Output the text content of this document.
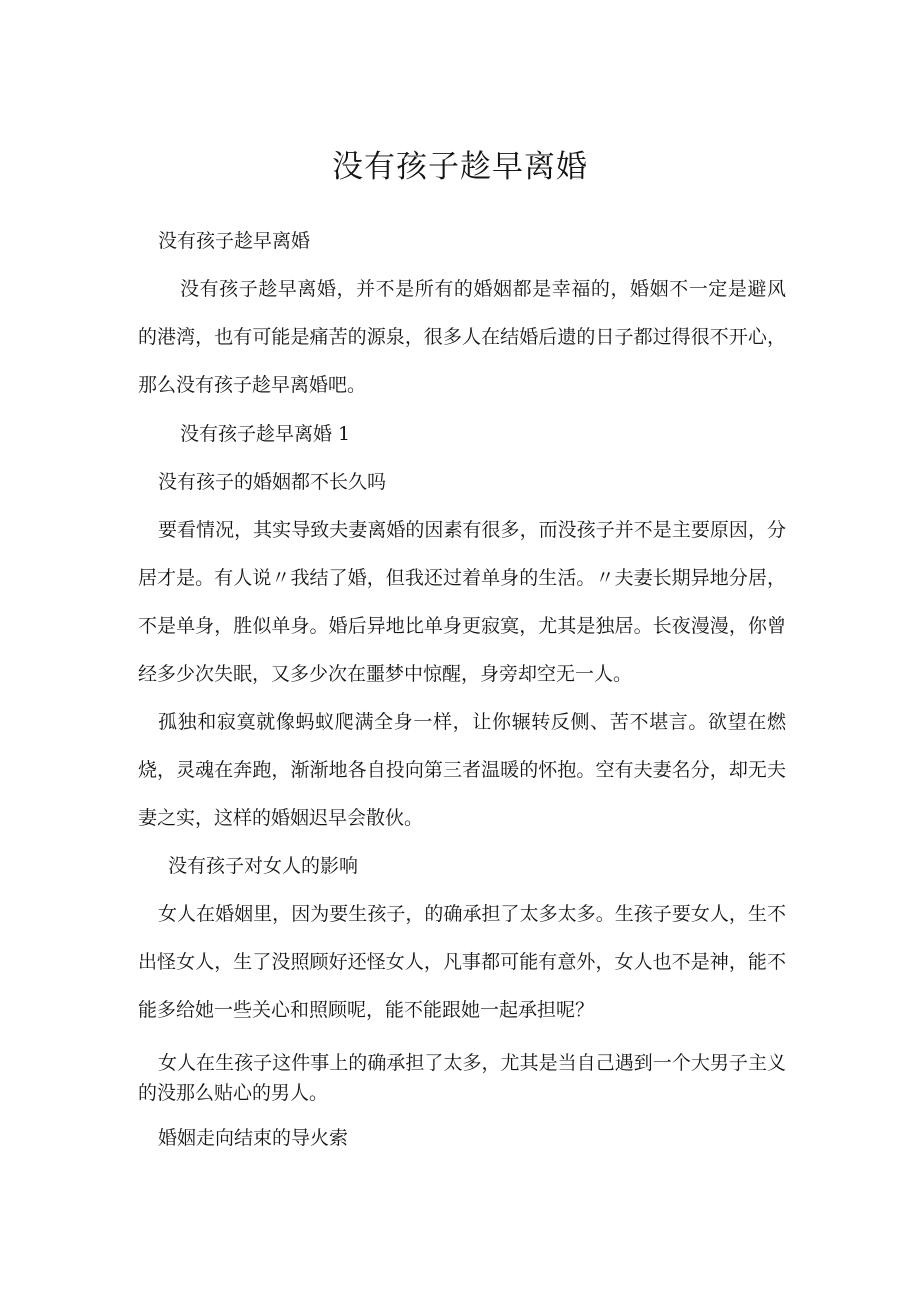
没有孩子趁早离婚

没有孩子趁早离婚

没有孩子趁早离婚，并不是所有的婚姻都是幸福的，婚姻不一定是避风的港湾，也有可能是痛苦的源泉，很多人在结婚后遗的日子都过得很不开心，那么没有孩子趁早离婚吧。

没有孩子趁早离婚 1

没有孩子的婚姻都不长久吗

要看情况，其实导致夫妻离婚的因素有很多，而没孩子并不是主要原因，分居才是。有人说〃我结了婚，但我还过着单身的生活。〃夫妻长期异地分居，不是单身，胜似单身。婚后异地比单身更寂寞，尤其是独居。长夜漫漫，你曾经多少次失眠，又多少次在噩梦中惊醒，身旁却空无一人。

孤独和寂寞就像蚂蚁爬满全身一样，让你辗转反侧、苦不堪言。欲望在燃烧，灵魂在奔跑，渐渐地各自投向第三者温暖的怀抱。空有夫妻名分，却无夫妻之实，这样的婚姻迟早会散伙。

没有孩子对女人的影响

女人在婚姻里，因为要生孩子，的确承担了太多太多。生孩子要女人，生不出怪女人，生了没照顾好还怪女人，凡事都可能有意外，女人也不是神，能不能多给她一些关心和照顾呢，能不能跟她一起承担呢？

女人在生孩子这件事上的确承担了太多，尤其是当自己遇到一个大男子主义的没那么贴心的男人。

婚姻走向结束的导火索
